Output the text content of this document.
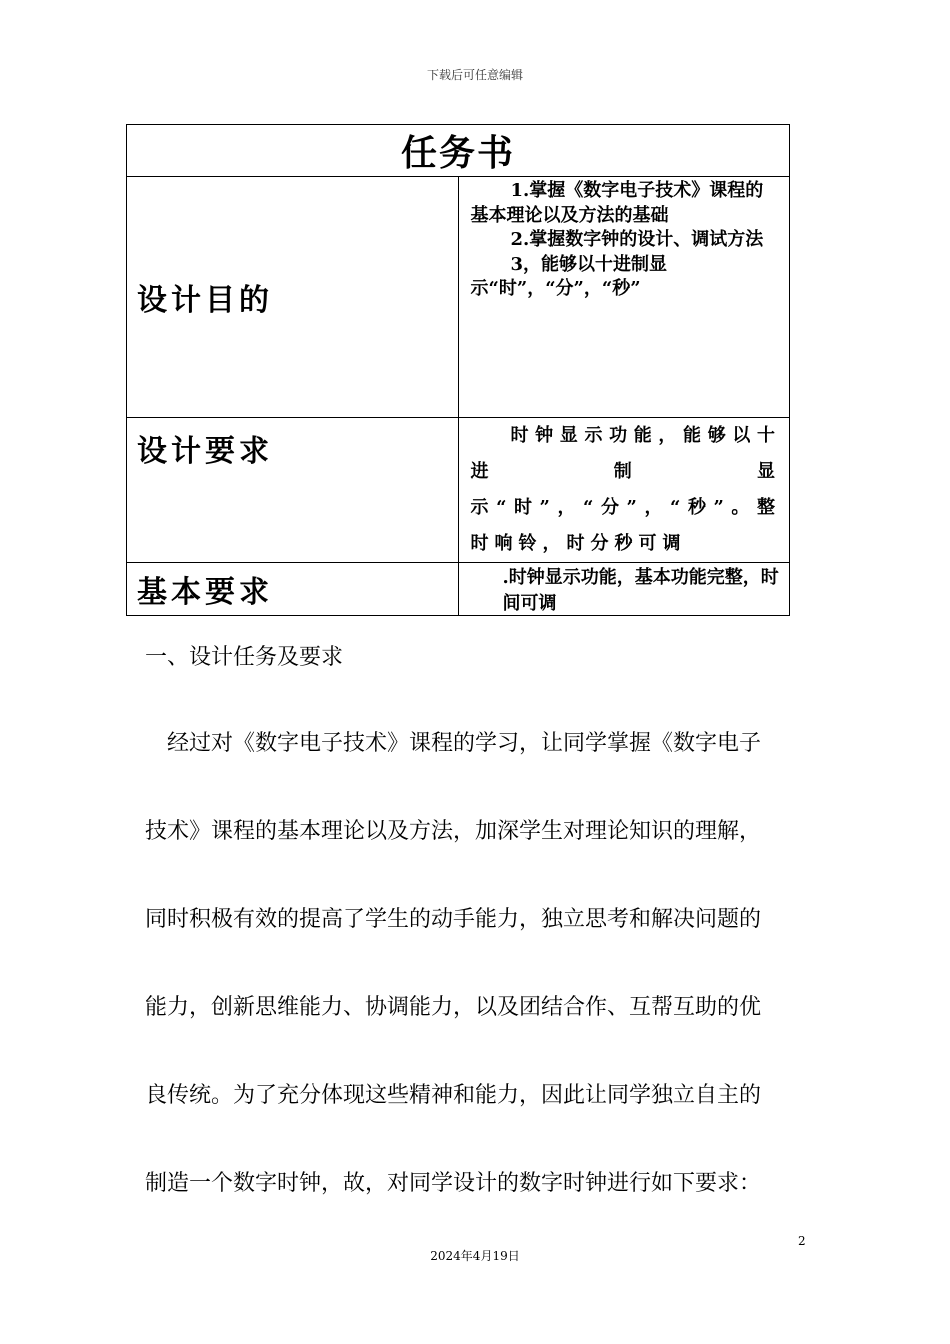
下载后可任意编辑
任务书	
设计目的	1.掌握《数字电子技术》课程的基本理论以及方法的基础

2.掌握数字钟的设计、调试方法

3，能够以十进制显示“时”，“分”，“秒”

设计要求	时钟显示功能，能够以十进制显示“时”，“分”，“秒”。整时响铃，时分秒可调

基本要求	.时钟显示功能，基本功能完整，时间可调
一、设计任务及要求
经过对《数字电子技术》课程的学习，让同学掌握《数字电子
技术》课程的基本理论以及方法，加深学生对理论知识的理解，
同时积极有效的提高了学生的动手能力，独立思考和解决问题的
能力，创新思维能力、协调能力，以及团结合作、互帮互助的优
良传统。为了充分体现这些精神和能力，因此让同学独立自主的
制造一个数字时钟，故，对同学设计的数字时钟进行如下要求：
2
2024年4月19日
